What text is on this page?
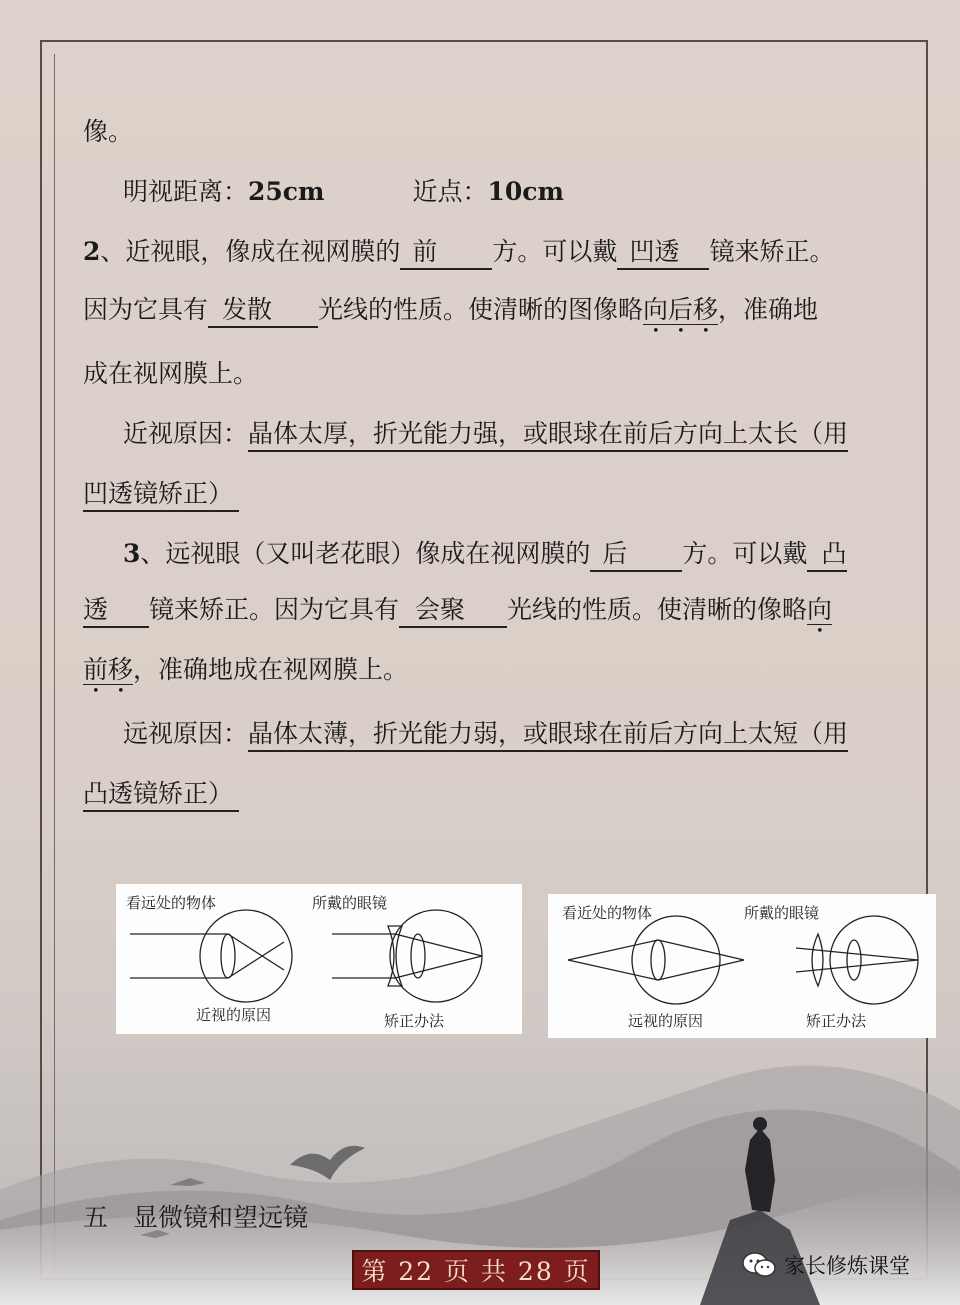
像。
明视距离：25cm	近点：10cm
2、近视眼，像成在视网膜的 前 方。可以戴 凹透 镜来矫正。
因为它具有 发散 光线的性质。使清晰的图像略向后移，准确地
成在视网膜上。
近视原因：晶体太厚，折光能力强，或眼球在前后方向上太长（用
凹透镜矫正）
3、远视眼（又叫老花眼）像成在视网膜的 后 方。可以戴 凸
透 镜来矫正。因为它具有 会聚 光线的性质。使清晰的像略向
前移，准确地成在视网膜上。
远视原因：晶体太薄，折光能力弱，或眼球在前后方向上太短（用
凸透镜矫正）
看远处的物体	所戴的眼镜
近视的原因	矫正办法
看近处的物体	所戴的眼镜
远视的原因	矫正办法
五　显微镜和望远镜
第 22 页 共 28 页	家长修炼课堂
